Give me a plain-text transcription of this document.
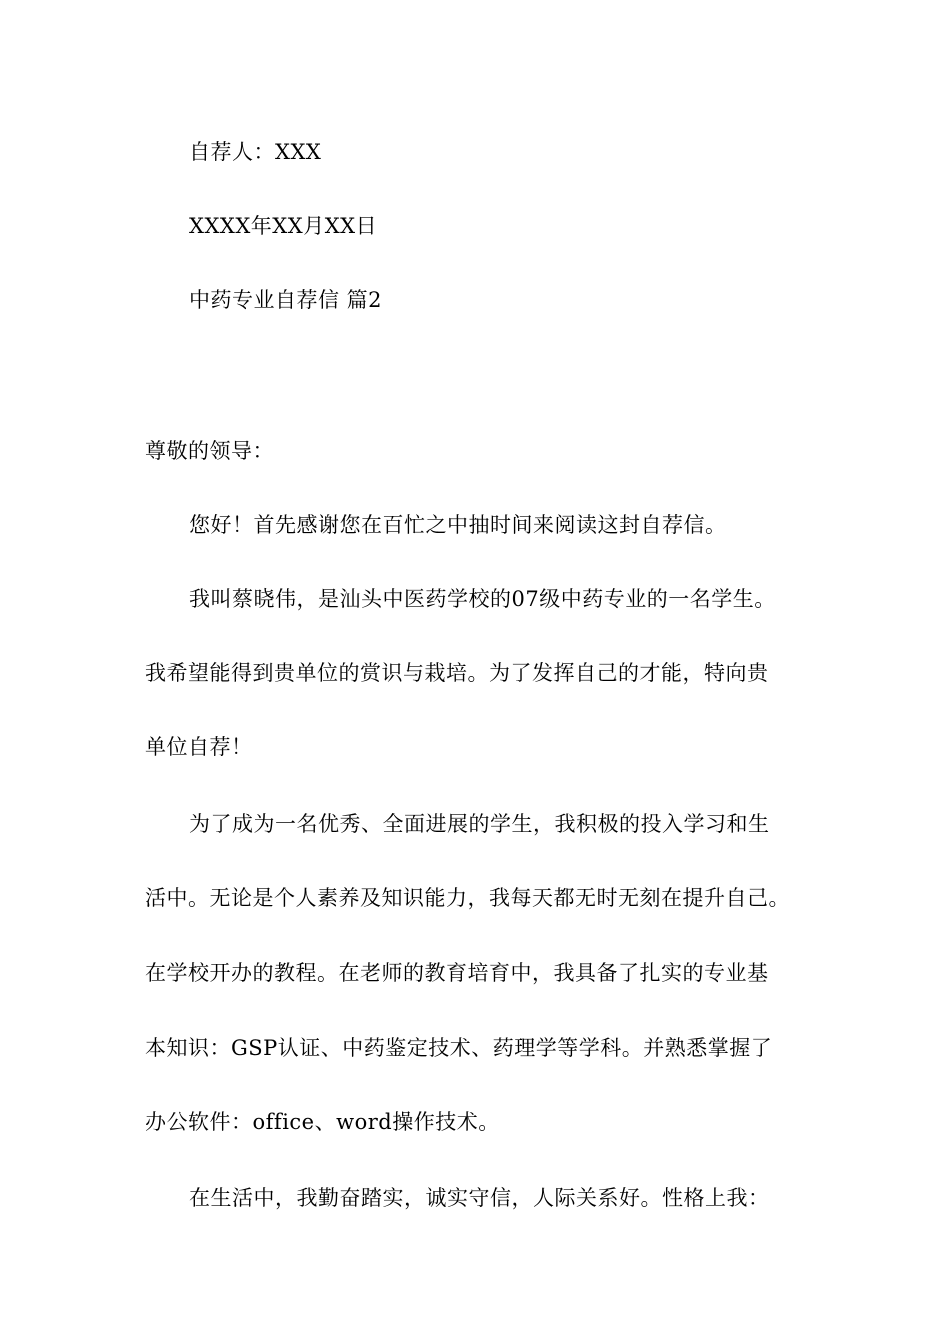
自荐人：XXX
XXXX年XX月XX日
中药专业自荐信 篇2
尊敬的领导：
您好！首先感谢您在百忙之中抽时间来阅读这封自荐信。
我叫蔡晓伟，是汕头中医药学校的07级中药专业的一名学生。
我希望能得到贵单位的赏识与栽培。为了发挥自己的才能，特向贵
单位自荐！
为了成为一名优秀、全面进展的学生，我积极的投入学习和生
活中。无论是个人素养及知识能力，我每天都无时无刻在提升自己。
在学校开办的教程。在老师的教育培育中，我具备了扎实的专业基
本知识：GSP认证、中药鉴定技术、药理学等学科。并熟悉掌握了
办公软件：office、word操作技术。
在生活中，我勤奋踏实，诚实守信，人际关系好。性格上我：
